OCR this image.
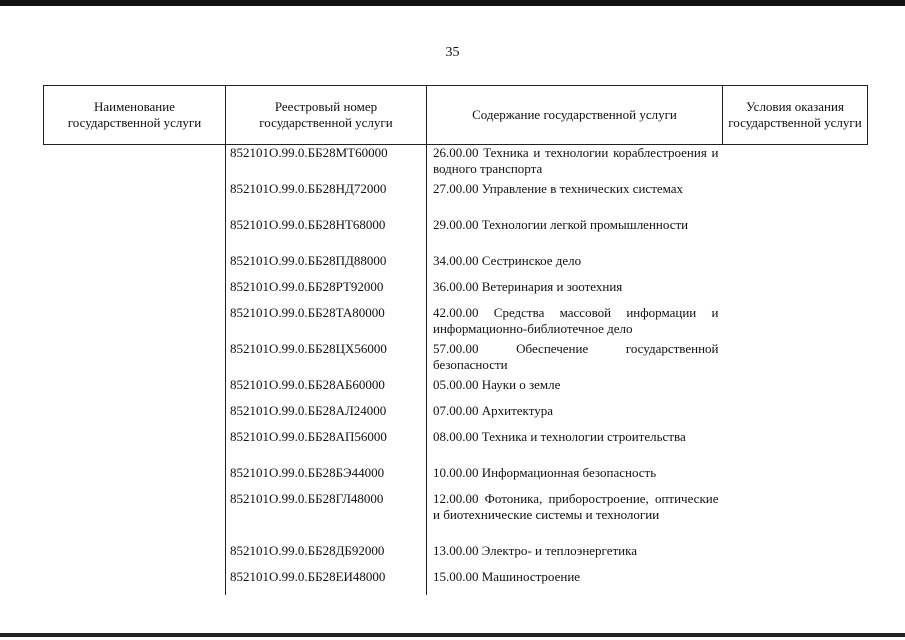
35
Наименование государственной услуги	Реестровый номер государственной услуги	Содержание государственной услуги	Условия оказания государственной услуги
	852101О.99.0.ББ28МТ60000	26.00.00 Техника и технологии кораблестроения и водного транспорта	
	852101О.99.0.ББ28НД72000	27.00.00 Управление в технических системах	
	852101О.99.0.ББ28НТ68000	29.00.00 Технологии легкой промышленности	
	852101О.99.0.ББ28ПД88000	34.00.00 Сестринское дело	
	852101О.99.0.ББ28РТ92000	36.00.00 Ветеринария и зоотехния	
	852101О.99.0.ББ28ТА80000	42.00.00 Средства массовой информации и информационно-библиотечное дело	
	852101О.99.0.ББ28ЦХ56000	57.00.00 Обеспечение государственной безопасности	
	852101О.99.0.ББ28АБ60000	05.00.00 Науки о земле	
	852101О.99.0.ББ28АЛ24000	07.00.00 Архитектура	
	852101О.99.0.ББ28АП56000	08.00.00 Техника и технологии строительства	
	852101О.99.0.ББ28БЭ44000	10.00.00 Информационная безопасность	
	852101О.99.0.ББ28ГЛ48000	12.00.00 Фотоника, приборостроение, оптические и биотехнические системы и технологии	
	852101О.99.0.ББ28ДБ92000	13.00.00 Электро- и теплоэнергетика	
	852101О.99.0.ББ28ЕИ48000	15.00.00 Машиностроение	
